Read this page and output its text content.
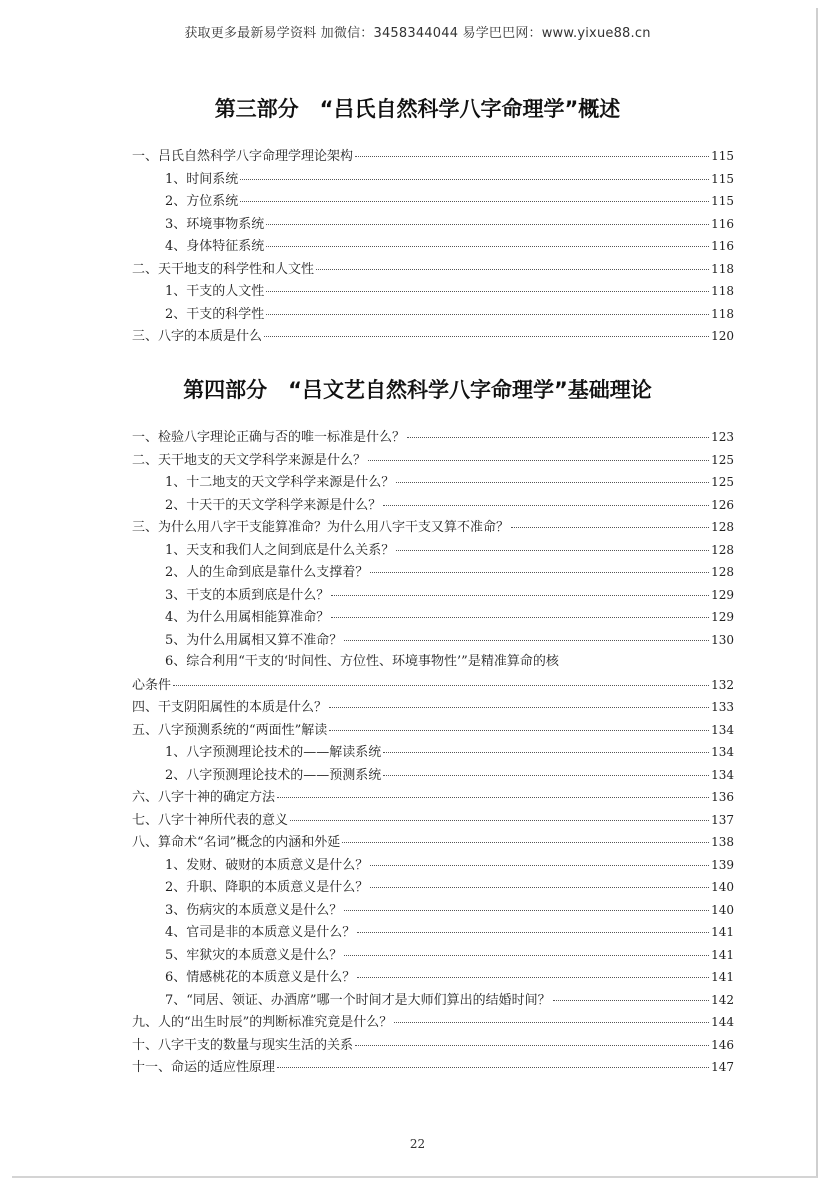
获取更多最新易学资料 加微信：3458344044 易学巴巴网：www.yixue88.cn
第三部分　“吕氏自然科学八字命理学”概述
一、吕氏自然科学八字命理学理论架构	115
1、时间系统	115
2、方位系统	115
3、环境事物系统	116
4、身体特征系统	116
二、天干地支的科学性和人文性	118
1、干支的人文性	118
2、干支的科学性	118
三、八字的本质是什么	120
第四部分　“吕文艺自然科学八字命理学”基础理论
一、检验八字理论正确与否的唯一标准是什么？	123
二、天干地支的天文学科学来源是什么？	125
1、十二地支的天文学科学来源是什么？	125
2、十天干的天文学科学来源是什么？	126
三、为什么用八字干支能算准命？为什么用八字干支又算不准命？	128
1、天支和我们人之间到底是什么关系？	128
2、人的生命到底是靠什么支撑着？	128
3、干支的本质到底是什么？	129
4、为什么用属相能算准命？	129
5、为什么用属相又算不准命？	130
6、综合利用“干支的‘时间性、方位性、环境事物性’”是精准算命的核
心条件	132
四、干支阴阳属性的本质是什么？	133
五、八字预测系统的“两面性”解读	134
1、八字预测理论技术的——解读系统	134
2、八字预测理论技术的——预测系统	134
六、八字十神的确定方法	136
七、八字十神所代表的意义	137
八、算命术“名词”概念的内涵和外延	138
1、发财、破财的本质意义是什么？	139
2、升职、降职的本质意义是什么？	140
3、伤病灾的本质意义是什么？	140
4、官司是非的本质意义是什么？	141
5、牢狱灾的本质意义是什么？	141
6、情感桃花的本质意义是什么？	141
7、“同居、领证、办酒席”哪一个时间才是大师们算出的结婚时间？	142
九、人的“出生时辰”的判断标准究竟是什么？	144
十、八字干支的数量与现实生活的关系	146
十一、命运的适应性原理	147
22
